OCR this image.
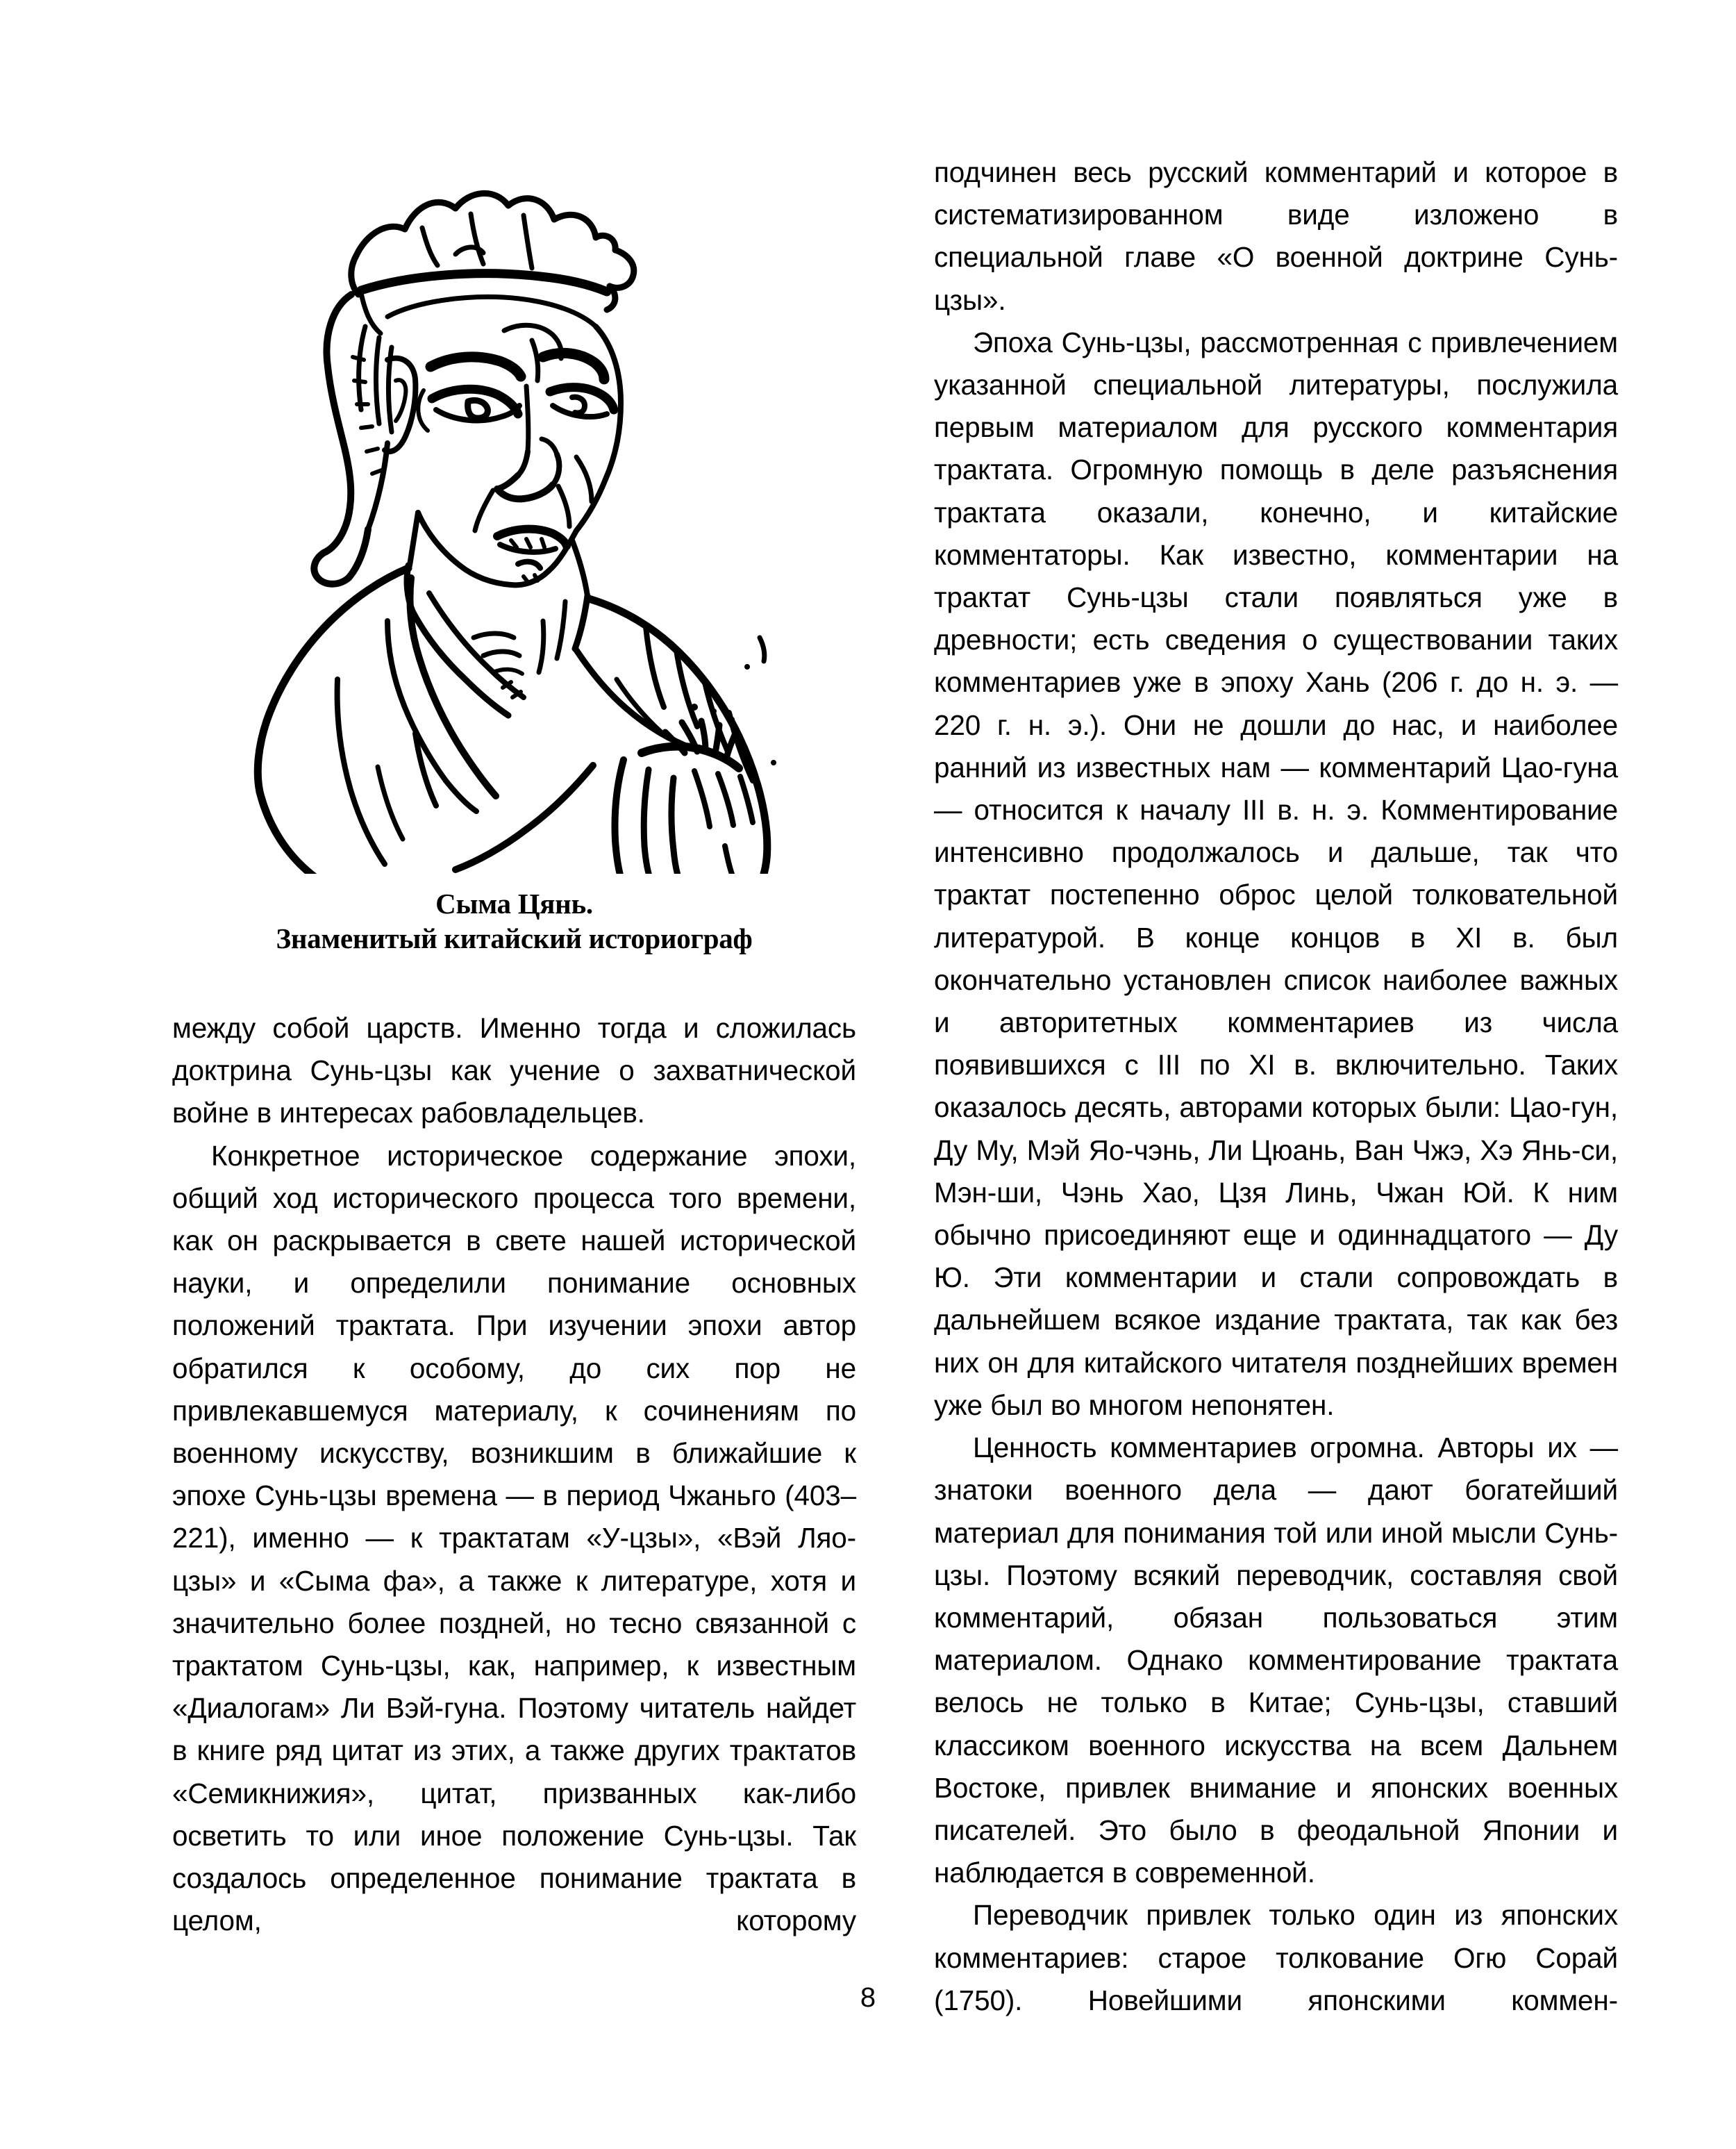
Сыма Цянь.
Знаменитый китайский историограф

между собой царств. Именно тогда и сложилась доктрина Сунь-цзы как учение о захватнической войне в интересах рабовладельцев.

Конкретное историческое содержание эпохи, общий ход исторического процесса того времени, как он раскрывается в свете нашей исторической науки, и определили понимание основных положений трактата. При изучении эпохи автор обратился к особому, до сих пор не привлекавшемуся материалу, к сочинениям по военному искусству, возникшим в ближайшие к эпохе Сунь-цзы времена — в период Чжаньго (403–221), именно — к трактатам «У-цзы», «Вэй Ляо-цзы» и «Сыма фа», а также к литературе, хотя и значительно более поздней, но тесно связанной с трактатом Сунь-цзы, как, например, к известным «Диалогам» Ли Вэй-гуна. Поэтому читатель найдет в книге ряд цитат из этих, а также других трактатов «Семикнижия», цитат, призванных как-либо осветить то или иное положение Сунь-цзы. Так создалось определенное понимание трактата в целом, которому

подчинен весь русский комментарий и которое в систематизированном виде изложено в специальной главе «О военной доктрине Сунь-цзы».

Эпоха Сунь-цзы, рассмотренная с привлечением указанной специальной литературы, послужила первым материалом для русского комментария трактата. Огромную помощь в деле разъяснения трактата оказали, конечно, и китайские комментаторы. Как известно, комментарии на трактат Сунь-цзы стали появляться уже в древности; есть сведения о существовании таких комментариев уже в эпоху Хань (206 г. до н. э. — 220 г. н. э.). Они не дошли до нас, и наиболее ранний из известных нам — комментарий Цао-гуна — относится к началу III в. н. э. Комментирование интенсивно продолжалось и дальше, так что трактат постепенно оброс целой толковательной литературой. В конце концов в XI в. был окончательно установлен список наиболее важных и авторитетных комментариев из числа появившихся с III по XI в. включительно. Таких оказалось десять, авторами которых были: Цао-гун, Ду Му, Мэй Яо-чэнь, Ли Цюань, Ван Чжэ, Хэ Янь-си, Мэн-ши, Чэнь Хао, Цзя Линь, Чжан Юй. К ним обычно присоединяют еще и одиннадцатого — Ду Ю. Эти комментарии и стали сопровождать в дальнейшем всякое издание трактата, так как без них он для китайского читателя позднейших времен уже был во многом непонятен.

Ценность комментариев огромна. Авторы их — знатоки военного дела — дают богатейший материал для понимания той или иной мысли Сунь-цзы. Поэтому всякий переводчик, составляя свой комментарий, обязан пользоваться этим материалом. Однако комментирование трактата велось не только в Китае; Сунь-цзы, ставший классиком военного искусства на всем Дальнем Востоке, привлек внимание и японских военных писателей. Это было в феодальной Японии и наблюдается в современной.

Переводчик привлек только один из японских комментариев: старое толкование Огю Сорай (1750). Новейшими японскими коммен-

8
